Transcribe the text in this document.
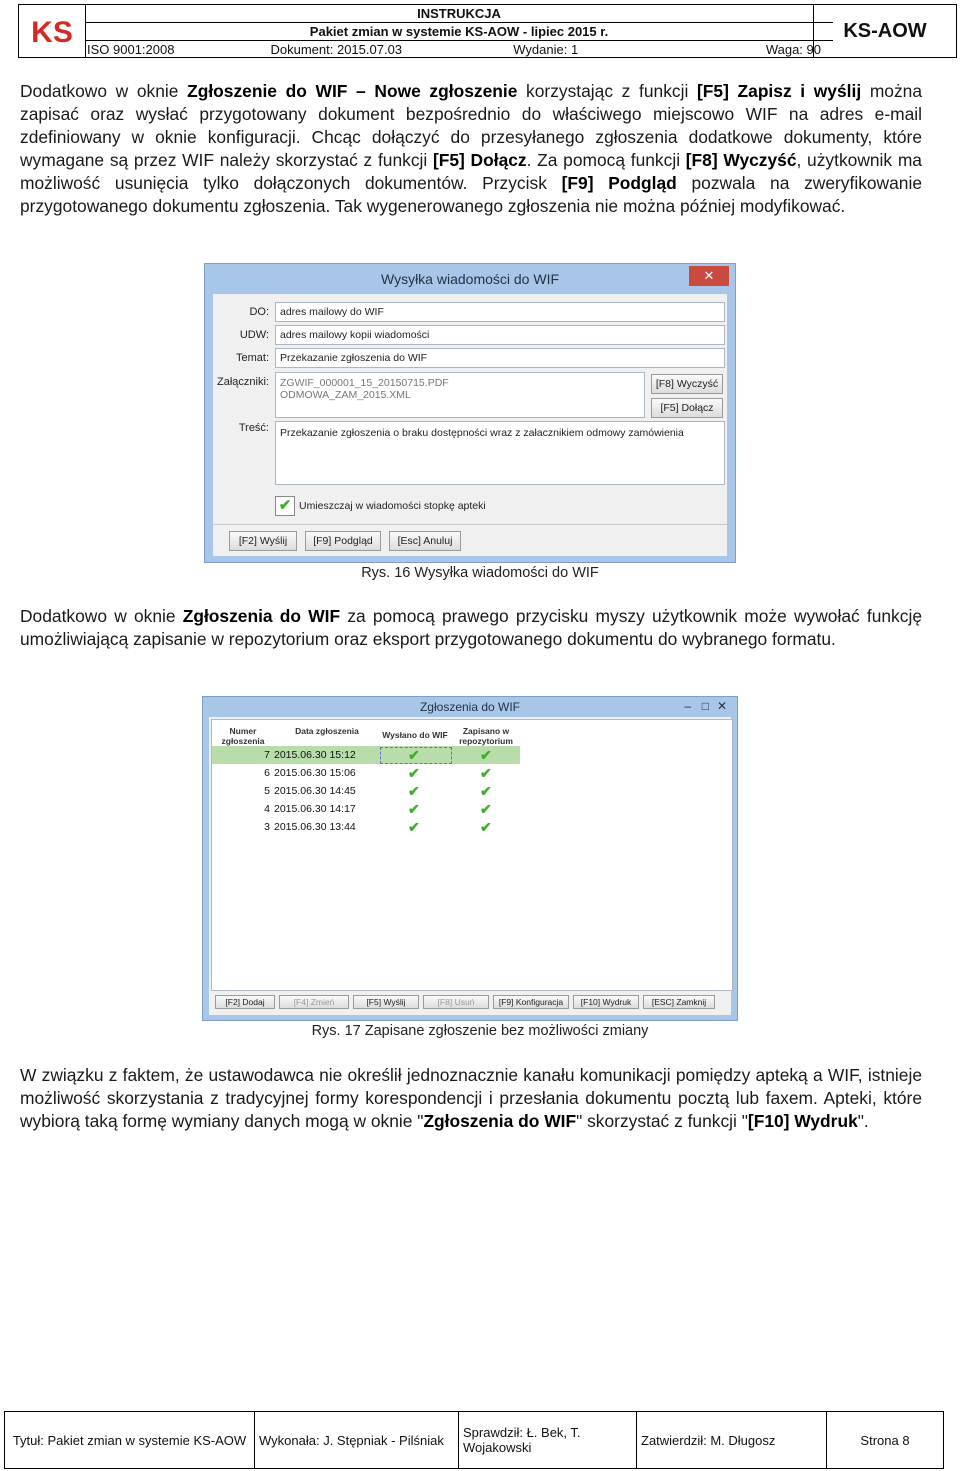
KS
INSTRUKCJA
Pakiet zmian w systemie KS-AOW - lipiec 2015 r.
ISO 9001:2008	Dokument: 2015.07.03	Wydanie: 1	Waga: 90
KS-AOW
Dodatkowo w oknie Zgłoszenie do WIF – Nowe zgłoszenie korzystając z funkcji [F5] Zapisz i wyślij można zapisać oraz wysłać przygotowany dokument bezpośrednio do właściwego miejscowo WIF na adres e-mail zdefiniowany w oknie konfiguracji. Chcąc dołączyć do przesyłanego zgłoszenia dodatkowe dokumenty, które wymagane są przez WIF należy skorzystać z funkcji [F5] Dołącz. Za pomocą funkcji [F8] Wyczyść, użytkownik ma możliwość usunięcia tylko dołączonych dokumentów. Przycisk [F9] Podgląd pozwala na zweryfikowanie przygotowanego dokumentu zgłoszenia. Tak wygenerowanego zgłoszenia nie można później modyfikować.
Wysyłka wiadomości do WIF	✕
DO:	adres mailowy do WIF
UDW:	adres mailowy kopii wiadomości
Temat:	Przekazanie zgłoszenia do WIF
Załączniki: ZGWIF_000001_15_20150715.PDF
ODMOWA_ZAM_2015.XML
[F8] Wyczyść
[F5] Dołącz
Treść:	Przekazanie zgłoszenia o braku dostępności wraz z załacznikiem odmowy zamówienia
✔ Umieszczaj w wiadomości stopkę apteki
[F2] Wyślij	[F9] Podgląd	[Esc] Anuluj
Rys. 16 Wysyłka wiadomości do WIF
Dodatkowo w oknie Zgłoszenia do WIF za pomocą prawego przycisku myszy użytkownik może wywołać funkcję umożliwiającą zapisanie w repozytorium oraz eksport przygotowanego dokumentu do wybranego formatu.
Zgłoszenia do WIF	– □ ✕
Numer zgłoszenia
Data zgłoszenia	Wysłano do WIF	Zapisano w repozytorium
7 2015.06.30 15:12	✔	✔
6 2015.06.30 15:06	✔	✔
5 2015.06.30 14:45	✔	✔
4 2015.06.30 14:17	✔	✔
3 2015.06.30 13:44	✔	✔
[F2] Dodaj	[F4] Zmień	[F5] Wyślij	[F8] Usuń	[F9] Konfiguracja	[F10] Wydruk	[ESC] Zamknij
Rys. 17 Zapisane zgłoszenie bez możliwości zmiany
W związku z faktem, że ustawodawca nie określił jednoznacznie kanału komunikacji pomiędzy apteką a WIF, istnieje możliwość skorzystania z tradycyjnej formy korespondencji i przesłania dokumentu pocztą lub faxem. Apteki, które wybiorą taką formę wymiany danych mogą w oknie "Zgłoszenia do WIF" skorzystać z funkcji "[F10] Wydruk".
Tytuł: Pakiet zmian w systemie KS-AOW Wykonała: J. Stępniak - Pilśniak	Sprawdził: Ł. Bek, T. Wojakowski	Zatwierdził: M. Długosz	Strona 8
